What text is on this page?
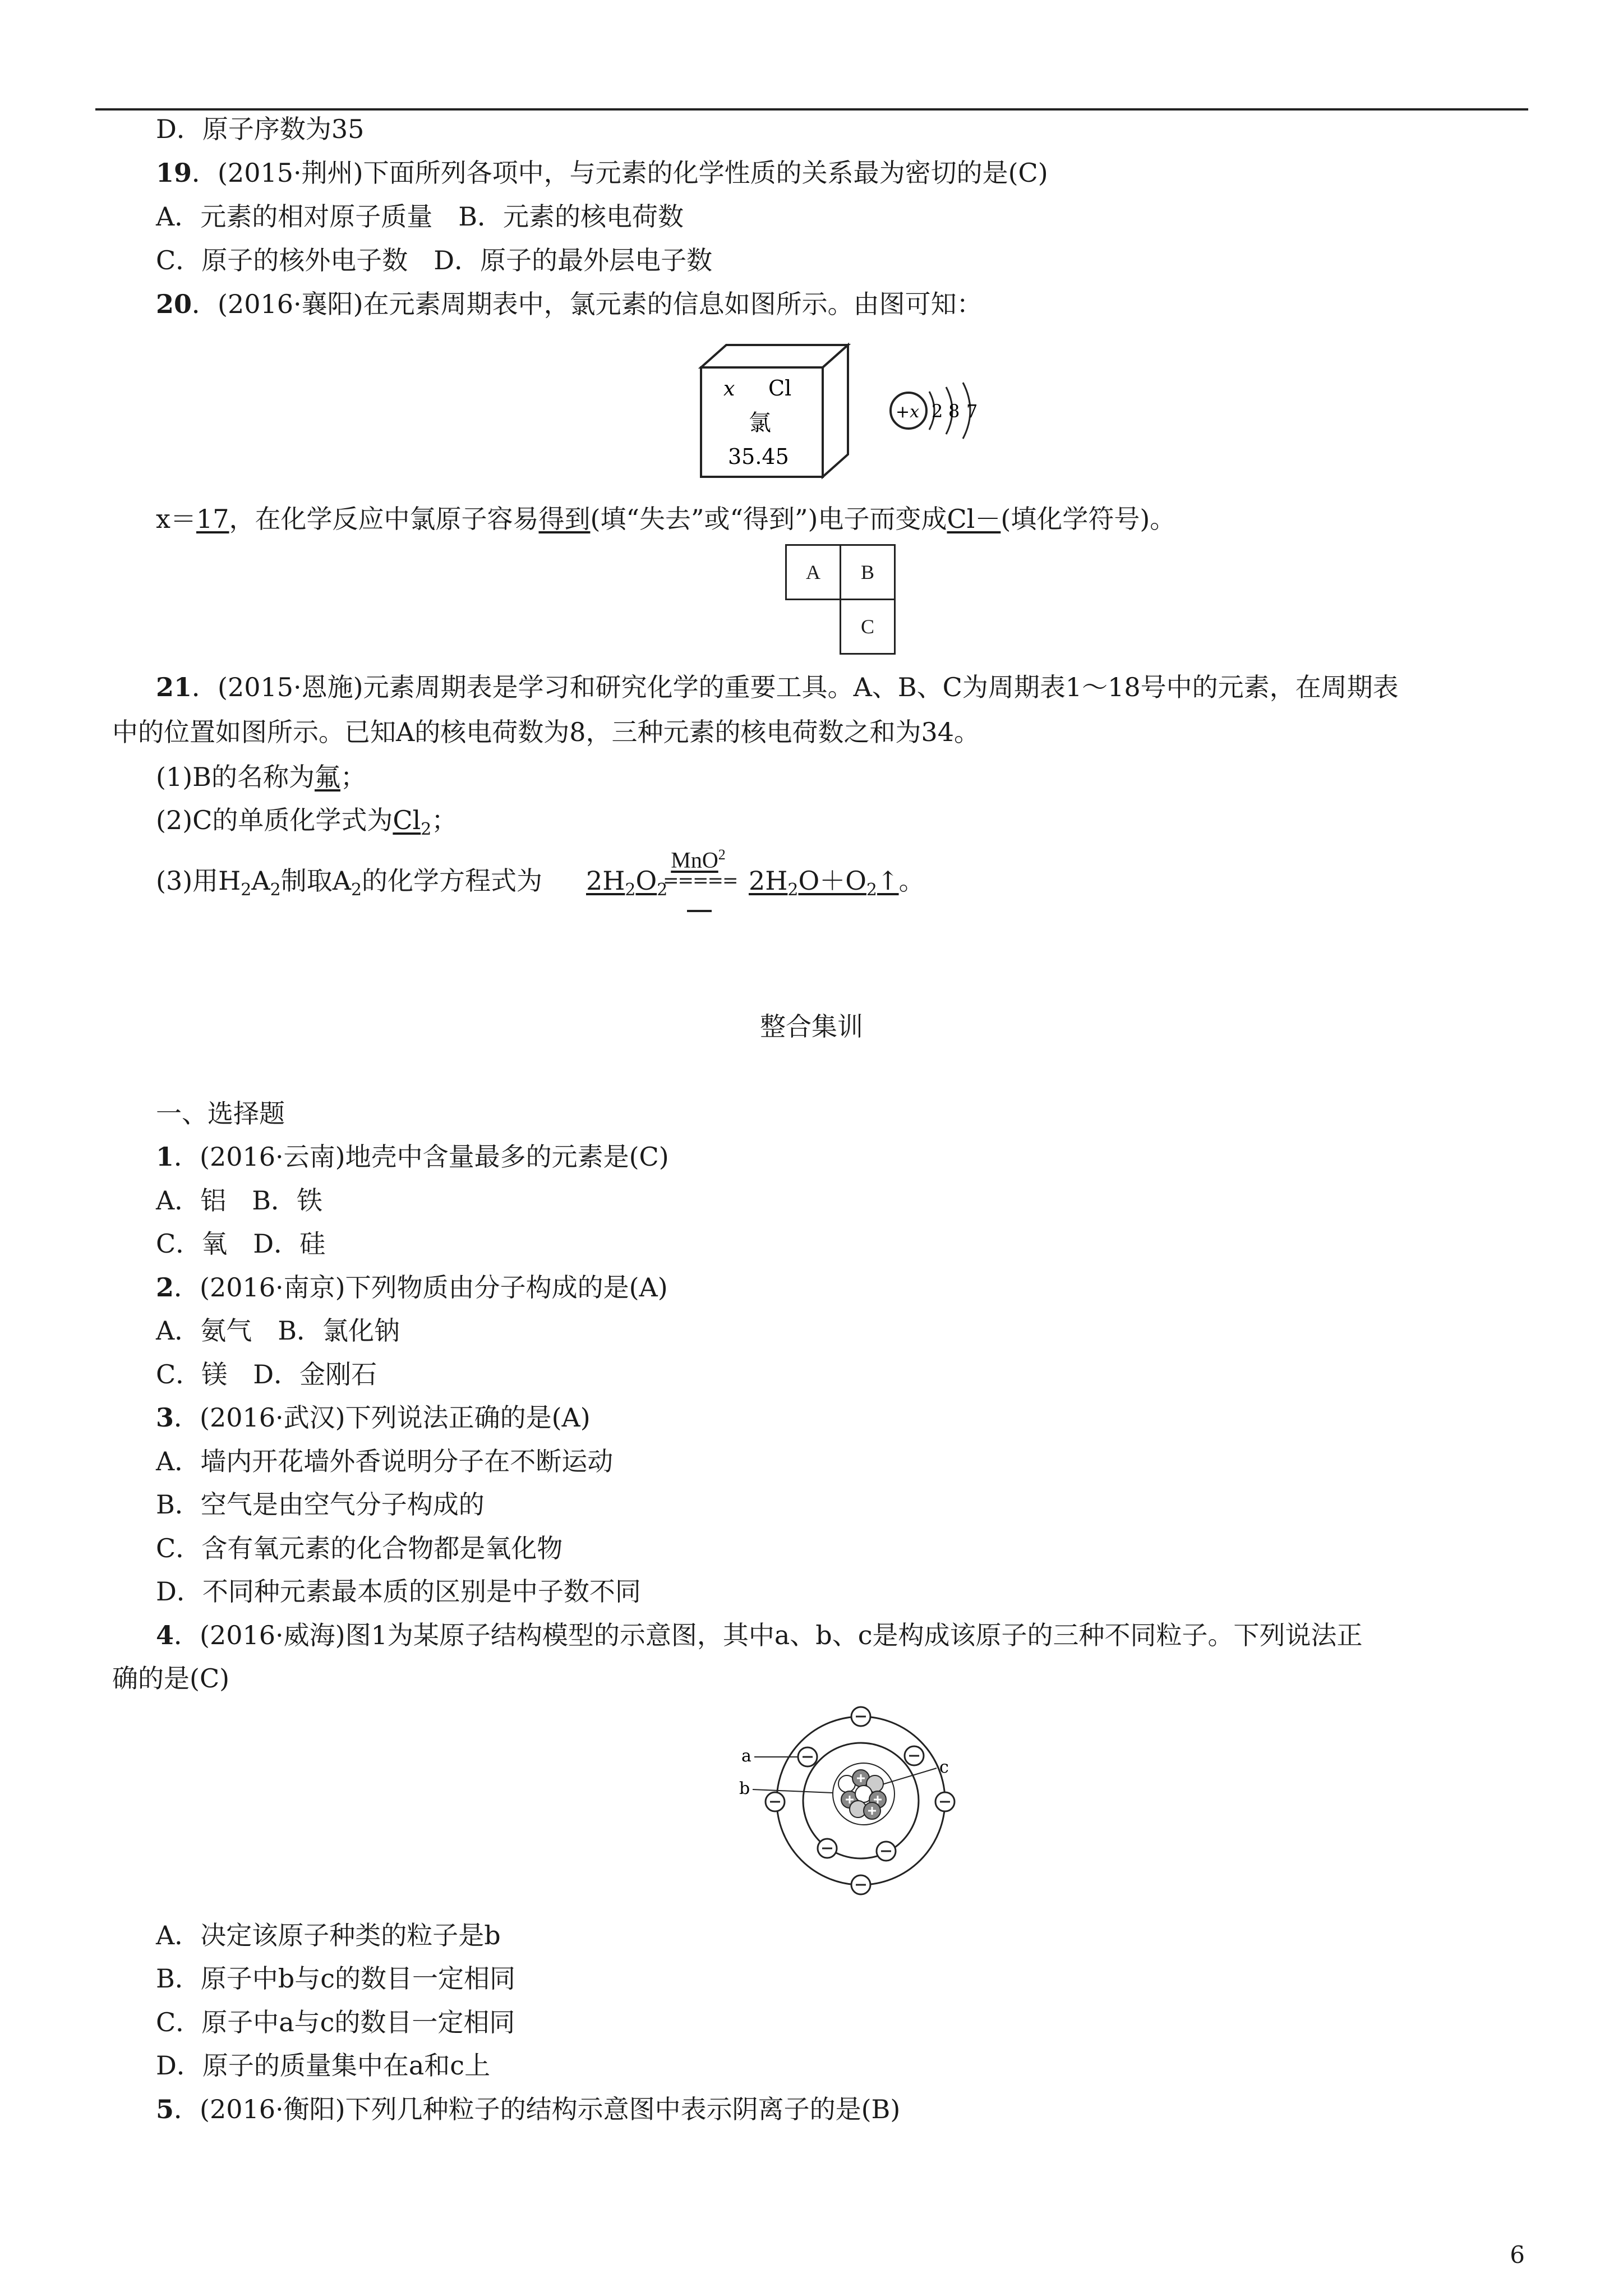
D．原子序数为35
19．(2015·荆州)下面所列各项中，与元素的化学性质的关系最为密切的是(C)
A．元素的相对原子质量　B．元素的核电荷数
C．原子的核外电子数　D．原子的最外层电子数
20．(2016·襄阳)在元素周期表中，氯元素的信息如图所示。由图可知：
x Cl
氯
35.45
+x 2 8 7
x＝17，在化学反应中氯原子容易得到(填“失去”或“得到”)电子而变成Cl－(填化学符号)。
A	B
C
21．(2015·恩施)元素周期表是学习和研究化学的重要工具。A、B、C为周期表1～18号中的元素，在周期表
中的位置如图所示。已知A的核电荷数为8，三种元素的核电荷数之和为34。
(1)B的名称为氟；
(2)C的单质化学式为$Cl_2$；
(3)用$H_2A_2$制取$A_2$的化学方程式为 $2H_2O_2$
MnO$^2$
===== $2H_2O+O_2↑$。
整合集训
一、选择题
1．(2016·云南)地壳中含量最多的元素是(C)
A．铝　B．铁
C．氧　D．硅
2．(2016·南京)下列物质由分子构成的是(A)
A．氨气　B．氯化钠
C．镁　D．金刚石
3．(2016·武汉)下列说法正确的是(A)
A．墙内开花墙外香说明分子在不断运动
B．空气是由空气分子构成的
C．含有氧元素的化合物都是氧化物
D．不同种元素最本质的区别是中子数不同
4．(2016·威海)图1为某原子结构模型的示意图，其中a、b、c是构成该原子的三种不同粒子。下列说法正
确的是(C)
a
b
c
A．决定该原子种类的粒子是b
B．原子中b与c的数目一定相同
C．原子中a与c的数目一定相同
D．原子的质量集中在a和c上
5．(2016·衡阳)下列几种粒子的结构示意图中表示阴离子的是(B)
6
